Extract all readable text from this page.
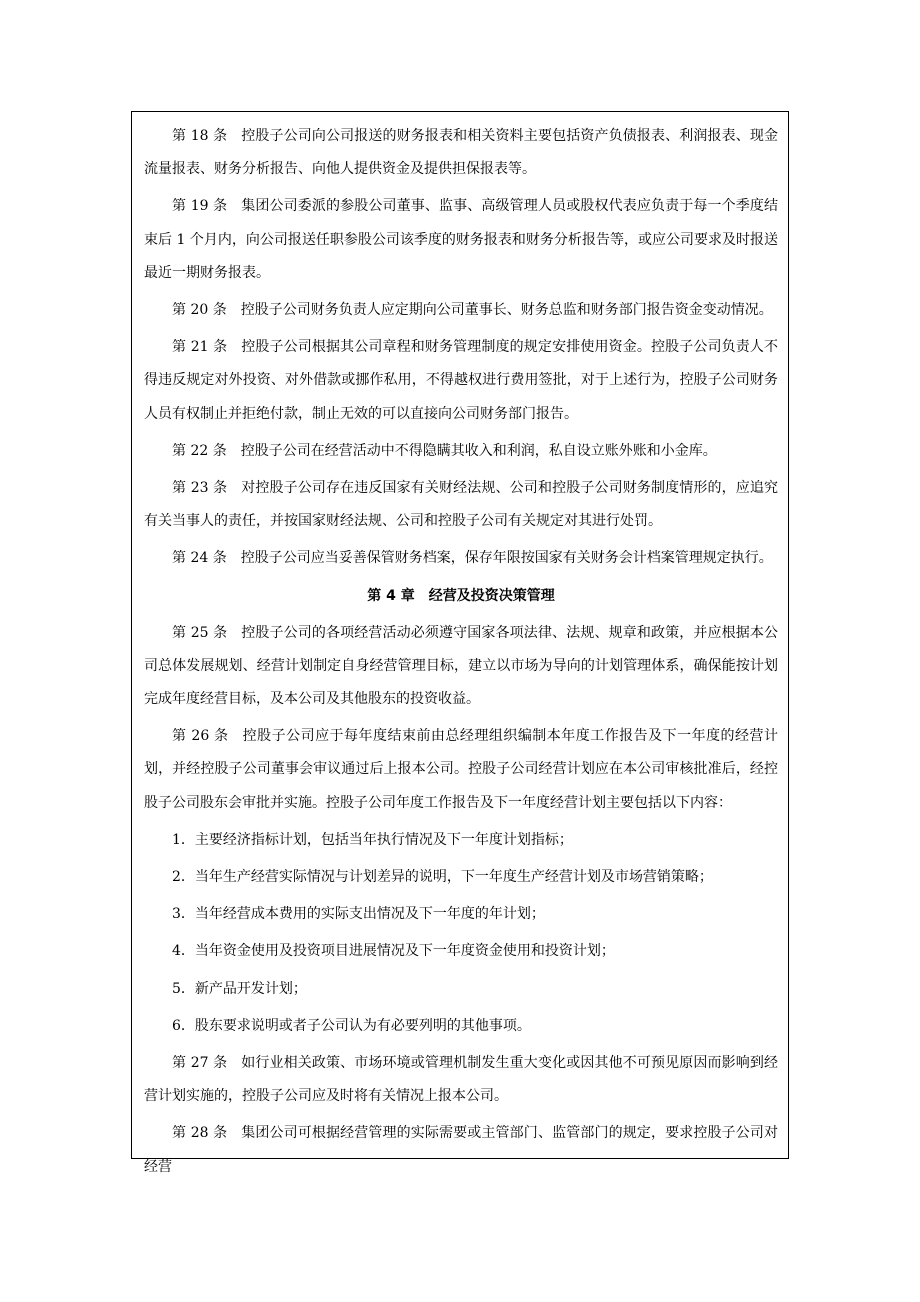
第 18 条 控股子公司向公司报送的财务报表和相关资料主要包括资产负债报表、利润报表、现金流量报表、财务分析报告、向他人提供资金及提供担保报表等。

第 19 条 集团公司委派的参股公司董事、监事、高级管理人员或股权代表应负责于每一个季度结束后 1 个月内，向公司报送任职参股公司该季度的财务报表和财务分析报告等，或应公司要求及时报送最近一期财务报表。

第 20 条 控股子公司财务负责人应定期向公司董事长、财务总监和财务部门报告资金变动情况。

第 21 条 控股子公司根据其公司章程和财务管理制度的规定安排使用资金。控股子公司负责人不得违反规定对外投资、对外借款或挪作私用，不得越权进行费用签批，对于上述行为，控股子公司财务人员有权制止并拒绝付款，制止无效的可以直接向公司财务部门报告。

第 22 条 控股子公司在经营活动中不得隐瞒其收入和利润，私自设立账外账和小金库。

第 23 条 对控股子公司存在违反国家有关财经法规、公司和控股子公司财务制度情形的，应追究有关当事人的责任，并按国家财经法规、公司和控股子公司有关规定对其进行处罚。

第 24 条 控股子公司应当妥善保管财务档案，保存年限按国家有关财务会计档案管理规定执行。

第 4 章 经营及投资决策管理

第 25 条 控股子公司的各项经营活动必须遵守国家各项法律、法规、规章和政策，并应根据本公司总体发展规划、经营计划制定自身经营管理目标，建立以市场为导向的计划管理体系，确保能按计划完成年度经营目标，及本公司及其他股东的投资收益。

第 26 条 控股子公司应于每年度结束前由总经理组织编制本年度工作报告及下一年度的经营计划，并经控股子公司董事会审议通过后上报本公司。控股子公司经营计划应在本公司审核批准后，经控股子公司股东会审批并实施。控股子公司年度工作报告及下一年度经营计划主要包括以下内容：

1．主要经济指标计划，包括当年执行情况及下一年度计划指标；

2．当年生产经营实际情况与计划差异的说明，下一年度生产经营计划及市场营销策略；

3．当年经营成本费用的实际支出情况及下一年度的年计划；

4．当年资金使用及投资项目进展情况及下一年度资金使用和投资计划；

5．新产品开发计划；

6．股东要求说明或者子公司认为有必要列明的其他事项。

第 27 条 如行业相关政策、市场环境或管理机制发生重大变化或因其他不可预见原因而影响到经营计划实施的，控股子公司应及时将有关情况上报本公司。

第 28 条 集团公司可根据经营管理的实际需要或主管部门、监管部门的规定，要求控股子公司对经营
